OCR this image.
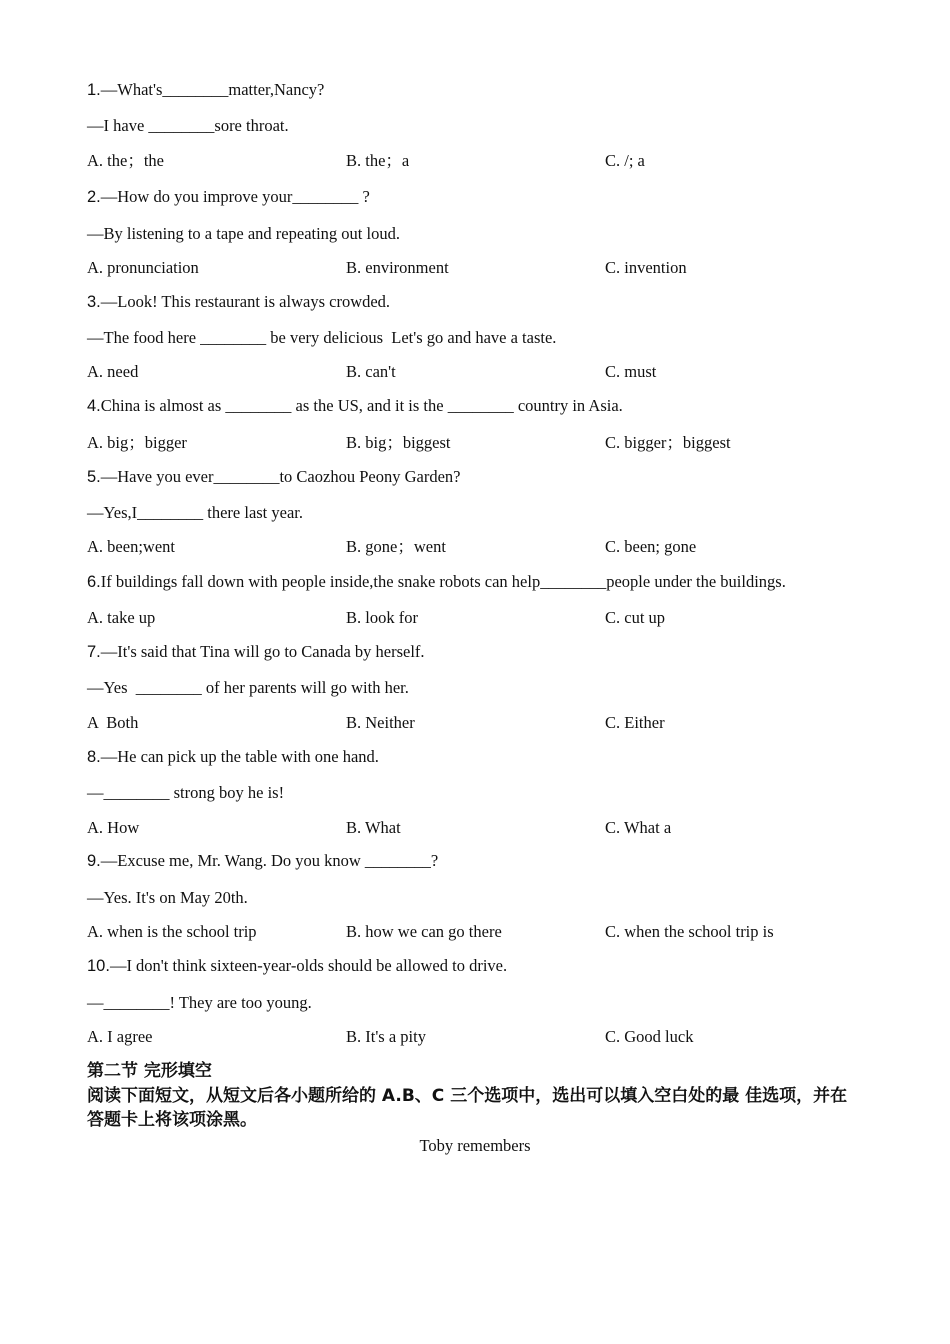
1.—What's________matter,Nancy?
—I have ________sore throat.
A. the；the	B. the；a	C. /; a
2.—How do you improve your________ ?
—By listening to a tape and repeating out loud.
A. pronunciation	B. environment	C. invention
3.—Look! This restaurant is always crowded.
—The food here ________ be very delicious  Let's go and have a taste.
A. need	B. can't	C. must
4.China is almost as ________ as the US, and it is the ________ country in Asia.
A. big；bigger	B. big；biggest	C. bigger；biggest
5.—Have you ever________to Caozhou Peony Garden?
—Yes,I________ there last year.
A. been;went	B. gone；went	C. been; gone
6.If buildings fall down with people inside,the snake robots can help________people under the buildings.
A. take up	B. look for	C. cut up
7.—It's said that Tina will go to Canada by herself.
—Yes  ________ of her parents will go with her.
A  Both	B. Neither	C. Either
8.—He can pick up the table with one hand.
—________ strong boy he is!
A. How	B. What	C. What a
9.—Excuse me, Mr. Wang. Do you know ________?
—Yes. It's on May 20th.
A. when is the school trip	B. how we can go there	C. when the school trip is
10.—I don't think sixteen-year-olds should be allowed to drive.
—________! They are too young.
A. I agree	B. It's a pity	C. Good luck
第二节 完形填空
阅读下面短文，从短文后各小题所给的 A.B、C 三个选项中，选出可以填入空白处的最 佳选项，并在答题卡上将该项涂黑。
Toby remembers
